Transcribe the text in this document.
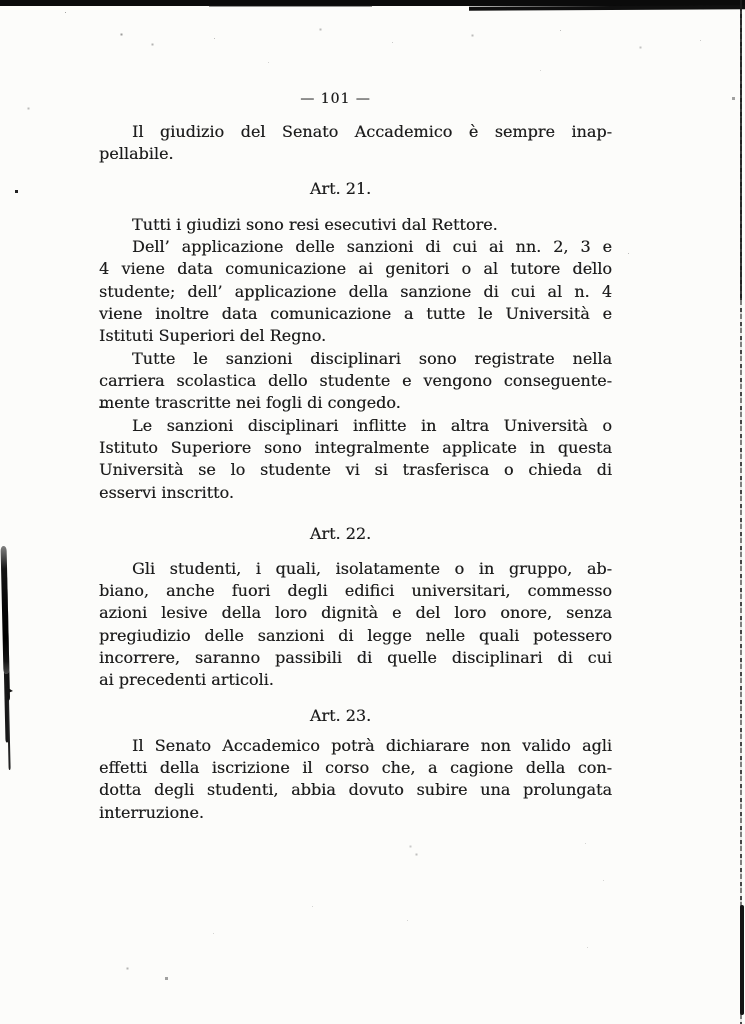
— 101 —

Il giudizio del Senato Accademico è sempre inap-
pellabile.

Art. 21.

Tutti i giudizi sono resi esecutivi dal Rettore.

Dell’ applicazione delle sanzioni di cui ai nn. 2, 3 e
4 viene data comunicazione ai genitori o al tutore dello
studente; dell’ applicazione della sanzione di cui al n. 4
viene inoltre data comunicazione a tutte le Università e
Istituti Superiori del Regno.

Tutte le sanzioni disciplinari sono registrate nella
carriera scolastica dello studente e vengono conseguente-
mente trascritte nei fogli di congedo.

Le sanzioni disciplinari inflitte in altra Università o
Istituto Superiore sono integralmente applicate in questa
Università se lo studente vi si trasferisca o chieda di
esservi inscritto.

Art. 22.

Gli studenti, i quali, isolatamente o in gruppo, ab-
biano, anche fuori degli edifici universitari, commesso
azioni lesive della loro dignità e del loro onore, senza
pregiudizio delle sanzioni di legge nelle quali potessero
incorrere, saranno passibili di quelle disciplinari di cui
ai precedenti articoli.

Art. 23.

Il Senato Accademico potrà dichiarare non valido agli
effetti della iscrizione il corso che, a cagione della con-
dotta degli studenti, abbia dovuto subire una prolungata
interruzione.
